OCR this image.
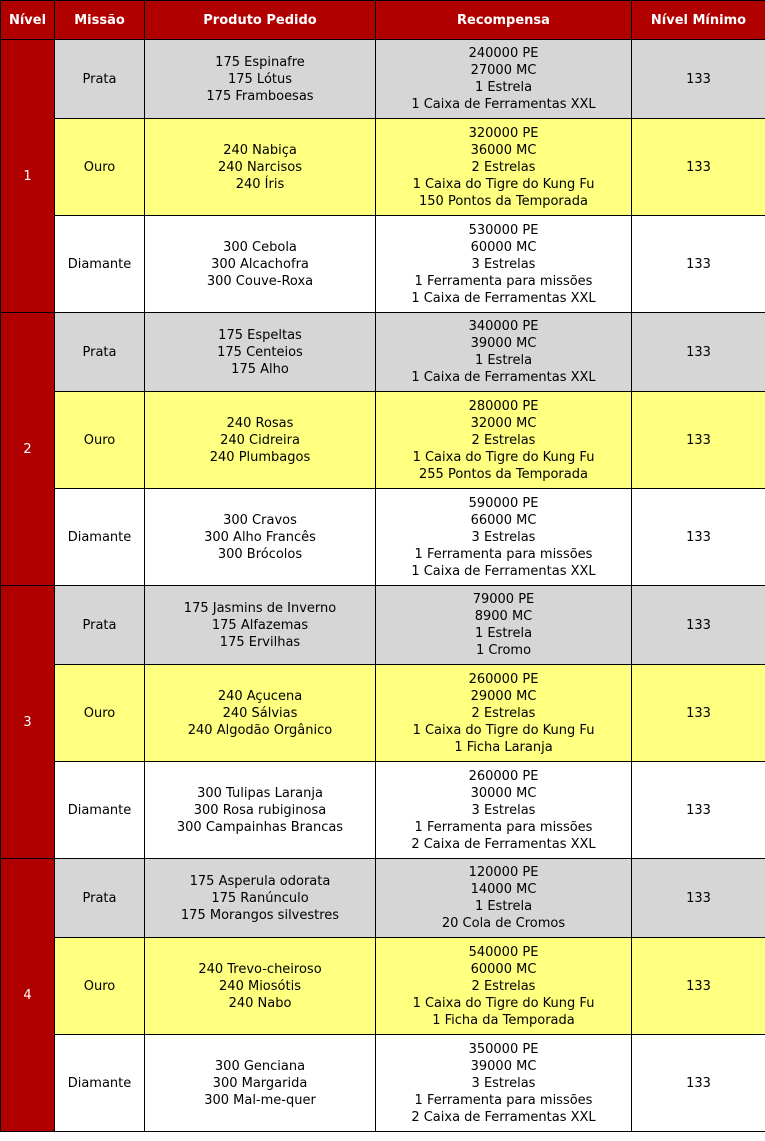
Nível	Missão	Produto Pedido	Recompensa	Nível Mínimo
1	Prata	175 Espinafre
175 Lótus
175 Framboesas	240000 PE
27000 MC
1 Estrela
1 Caixa de Ferramentas XXL	133
	Ouro	240 Nabiça
240 Narcisos
240 Íris	320000 PE
36000 MC
2 Estrelas
1 Caixa do Tigre do Kung Fu
150 Pontos da Temporada	133
	Diamante	300 Cebola
300 Alcachofra
300 Couve-Roxa	530000 PE
60000 MC
3 Estrelas
1 Ferramenta para missões
1 Caixa de Ferramentas XXL	133
2	Prata	175 Espeltas
175 Centeios
175 Alho	340000 PE
39000 MC
1 Estrela
1 Caixa de Ferramentas XXL	133
	Ouro	240 Rosas
240 Cidreira
240 Plumbagos	280000 PE
32000 MC
2 Estrelas
1 Caixa do Tigre do Kung Fu
255 Pontos da Temporada	133
	Diamante	300 Cravos
300 Alho Francês
300 Brócolos	590000 PE
66000 MC
3 Estrelas
1 Ferramenta para missões
1 Caixa de Ferramentas XXL	133
3	Prata	175 Jasmins de Inverno
175 Alfazemas
175 Ervilhas	79000 PE
8900 MC
1 Estrela
1 Cromo	133
	Ouro	240 Açucena
240 Sálvias
240 Algodão Orgânico	260000 PE
29000 MC
2 Estrelas
1 Caixa do Tigre do Kung Fu
1 Ficha Laranja	133
	Diamante	300 Tulipas Laranja
300 Rosa rubiginosa
300 Campainhas Brancas	260000 PE
30000 MC
3 Estrelas
1 Ferramenta para missões
2 Caixa de Ferramentas XXL	133
4	Prata	175 Asperula odorata
175 Ranúnculo
175 Morangos silvestres	120000 PE
14000 MC
1 Estrela
20 Cola de Cromos	133
	Ouro	240 Trevo-cheiroso
240 Miosótis
240 Nabo	540000 PE
60000 MC
2 Estrelas
1 Caixa do Tigre do Kung Fu
1 Ficha da Temporada	133
	Diamante	300 Genciana
300 Margarida
300 Mal-me-quer	350000 PE
39000 MC
3 Estrelas
1 Ferramenta para missões
2 Caixa de Ferramentas XXL	133
